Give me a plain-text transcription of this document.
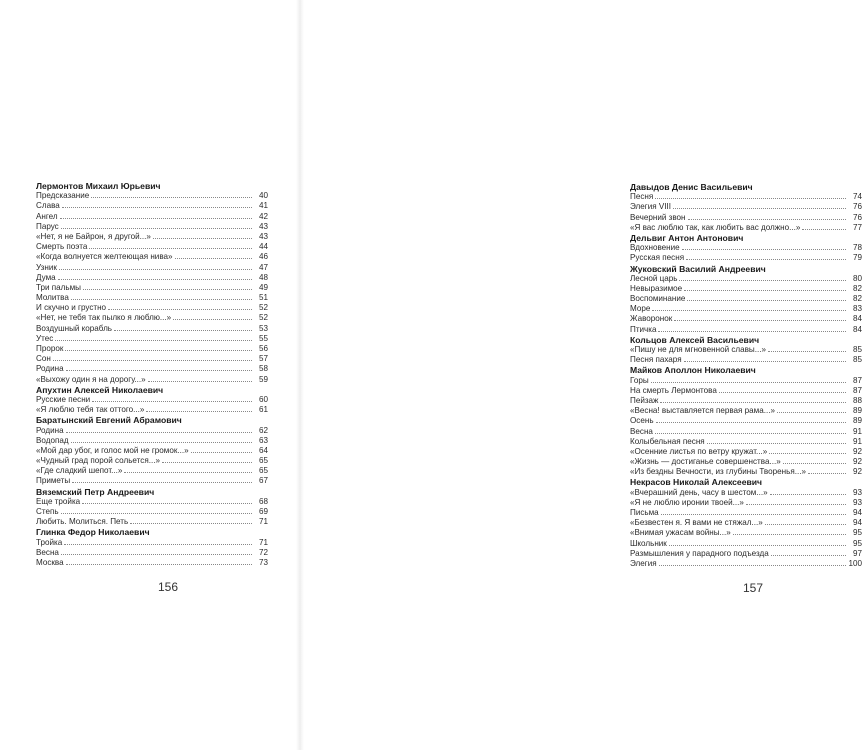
Лермонтов Михаил Юрьевич
Предсказание	40
Слава	41
Ангел	42
Парус	43
«Нет, я не Байрон, я другой...»	43
Смерть поэта	44
«Когда волнуется желтеющая нива»	46
Узник	47
Дума	48
Три пальмы	49
Молитва	51
И скучно и грустно	52
«Нет, не тебя так пылко я люблю...»	52
Воздушный корабль	53
Утес	55
Пророк	56
Сон	57
Родина	58
«Выхожу один я на дорогу...»	59
Апухтин Алексей Николаевич
Русские песни	60
«Я люблю тебя так оттого...»	61
Баратынский Евгений Абрамович
Родина	62
Водопад	63
«Мой дар убог, и голос мой не громок...»	64
«Чудный град порой сольется...»	65
«Где сладкий шепот...»	65
Приметы	67
Вяземский Петр Андреевич
Еще тройка	68
Степь	69
Любить. Молиться. Петь	71
Глинка Федор Николаевич
Тройка	71
Весна	72
Москва	73
156
Давыдов Денис Васильевич
Песня	74
Элегия VIII	76
Вечерний звон	76
«Я вас люблю так, как любить вас должно...»	77
Дельвиг Антон Антонович
Вдохновение	78
Русская песня	79
Жуковский Василий Андреевич
Лесной царь	80
Невыразимое	82
Воспоминание	82
Море	83
Жаворонок	84
Птичка	84
Кольцов Алексей Васильевич
«Пишу не для мгновенной славы...»	85
Песня пахаря	85
Майков Аполлон Николаевич
Горы	87
На смерть Лермонтова	87
Пейзаж	88
«Весна! выставляется первая рама...»	89
Осень	89
Весна	91
Колыбельная песня	91
«Осенние листья по ветру кружат...»	92
«Жизнь — достиганье совершенства...»	92
«Из бездны Вечности, из глубины Творенья...»	92
Некрасов Николай Алексеевич
«Вчерашний день, часу в шестом...»	93
«Я не люблю иронии твоей...»	93
Письма	94
«Безвестен я. Я вами не стяжал...»	94
«Внимая ужасам войны...»	95
Школьник	95
Размышления у парадного подъезда	97
Элегия	100
157
